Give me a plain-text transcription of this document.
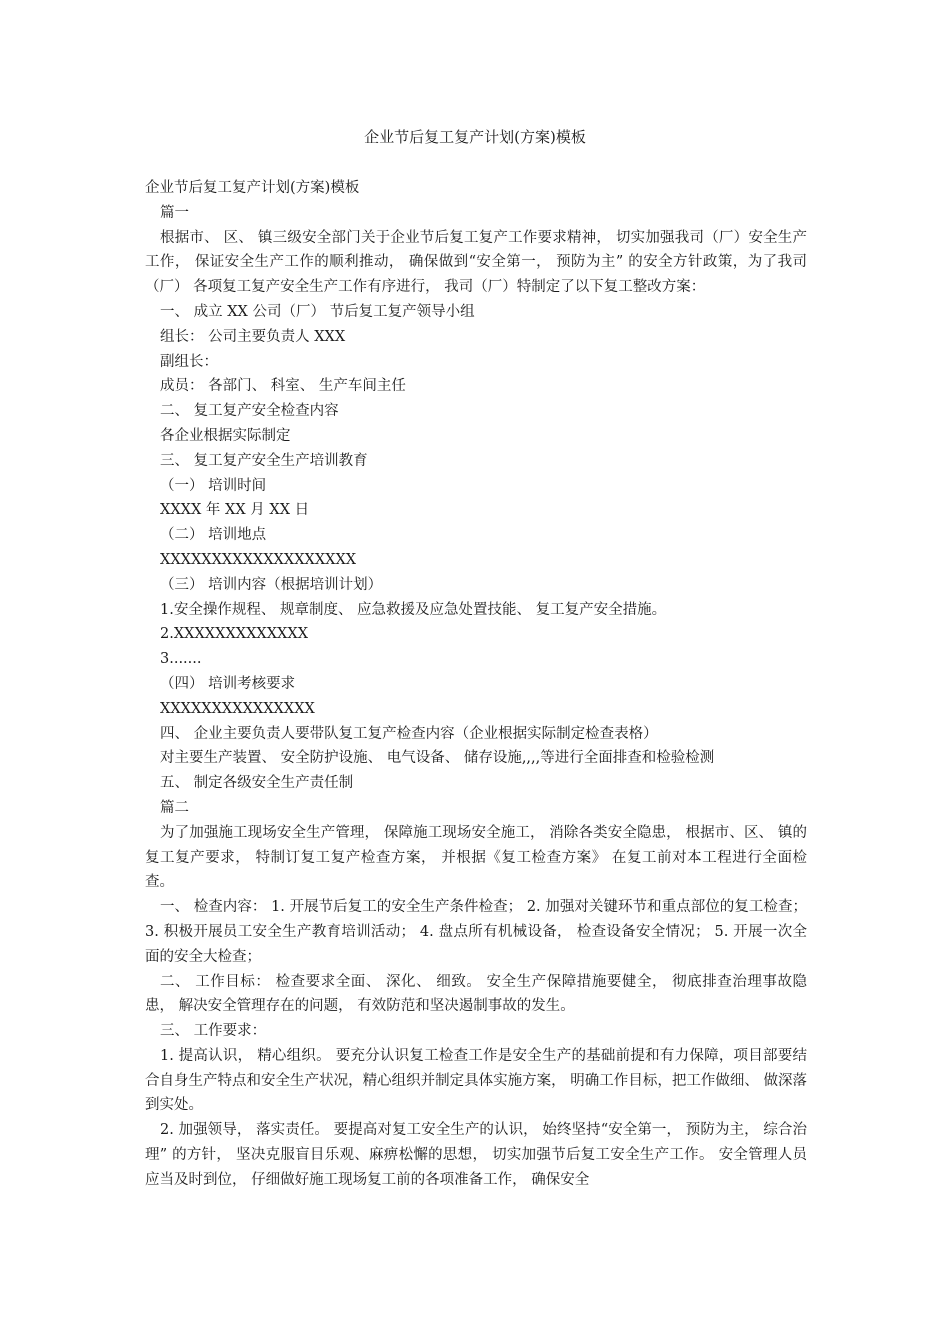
企业节后复工复产计划(方案)模板

企业节后复工复产计划(方案)模板

篇一

根据市、 区、 镇三级安全部门关于企业节后复工复产工作要求精神， 切实加强我司（厂）安全生产工作， 保证安全生产工作的顺利推动， 确保做到“安全第一， 预防为主” 的安全方针政策，为了我司（厂） 各项复工复产安全生产工作有序进行， 我司（厂）特制定了以下复工整改方案：

一、 成立 XX 公司（厂） 节后复工复产领导小组

组长： 公司主要负责人 XXX

副组长：

成员： 各部门、 科室、 生产车间主任

二、 复工复产安全检查内容

各企业根据实际制定

三、 复工复产安全生产培训教育

（一） 培训时间

XXXX 年 XX 月 XX 日

（二） 培训地点

XXXXXXXXXXXXXXXXXXX

（三） 培训内容（根据培训计划）

1.安全操作规程、 规章制度、 应急救援及应急处置技能、 复工复产安全措施。

2.XXXXXXXXXXXXX

3.......

（四） 培训考核要求

XXXXXXXXXXXXXXX

四、 企业主要负责人要带队复工复产检查内容（企业根据实际制定检查表格）

对主要生产装置、 安全防护设施、 电气设备、 储存设施,,,,等进行全面排查和检验检测

五、 制定各级安全生产责任制

篇二

为了加强施工现场安全生产管理， 保障施工现场安全施工， 消除各类安全隐患， 根据市、区、 镇的复工复产要求， 特制订复工复产检查方案， 并根据《复工检查方案》 在复工前对本工程进行全面检查。

一、 检查内容： 1. 开展节后复工的安全生产条件检查； 2. 加强对关键环节和重点部位的复工检查； 3. 积极开展员工安全生产教育培训活动； 4. 盘点所有机械设备， 检查设备安全情况； 5. 开展一次全面的安全大检查；

二、 工作目标： 检查要求全面、 深化、 细致。 安全生产保障措施要健全， 彻底排查治理事故隐患， 解决安全管理存在的问题， 有效防范和坚决遏制事故的发生。

三、 工作要求：

1. 提高认识， 精心组织。 要充分认识复工检查工作是安全生产的基础前提和有力保障，项目部要结合自身生产特点和安全生产状况，精心组织并制定具体实施方案， 明确工作目标，把工作做细、 做深落到实处。

2. 加强领导， 落实责任。 要提高对复工安全生产的认识， 始终坚持“安全第一， 预防为主， 综合治理” 的方针， 坚决克服盲目乐观、麻痹松懈的思想， 切实加强节后复工安全生产工作。 安全管理人员应当及时到位， 仔细做好施工现场复工前的各项准备工作， 确保安全
